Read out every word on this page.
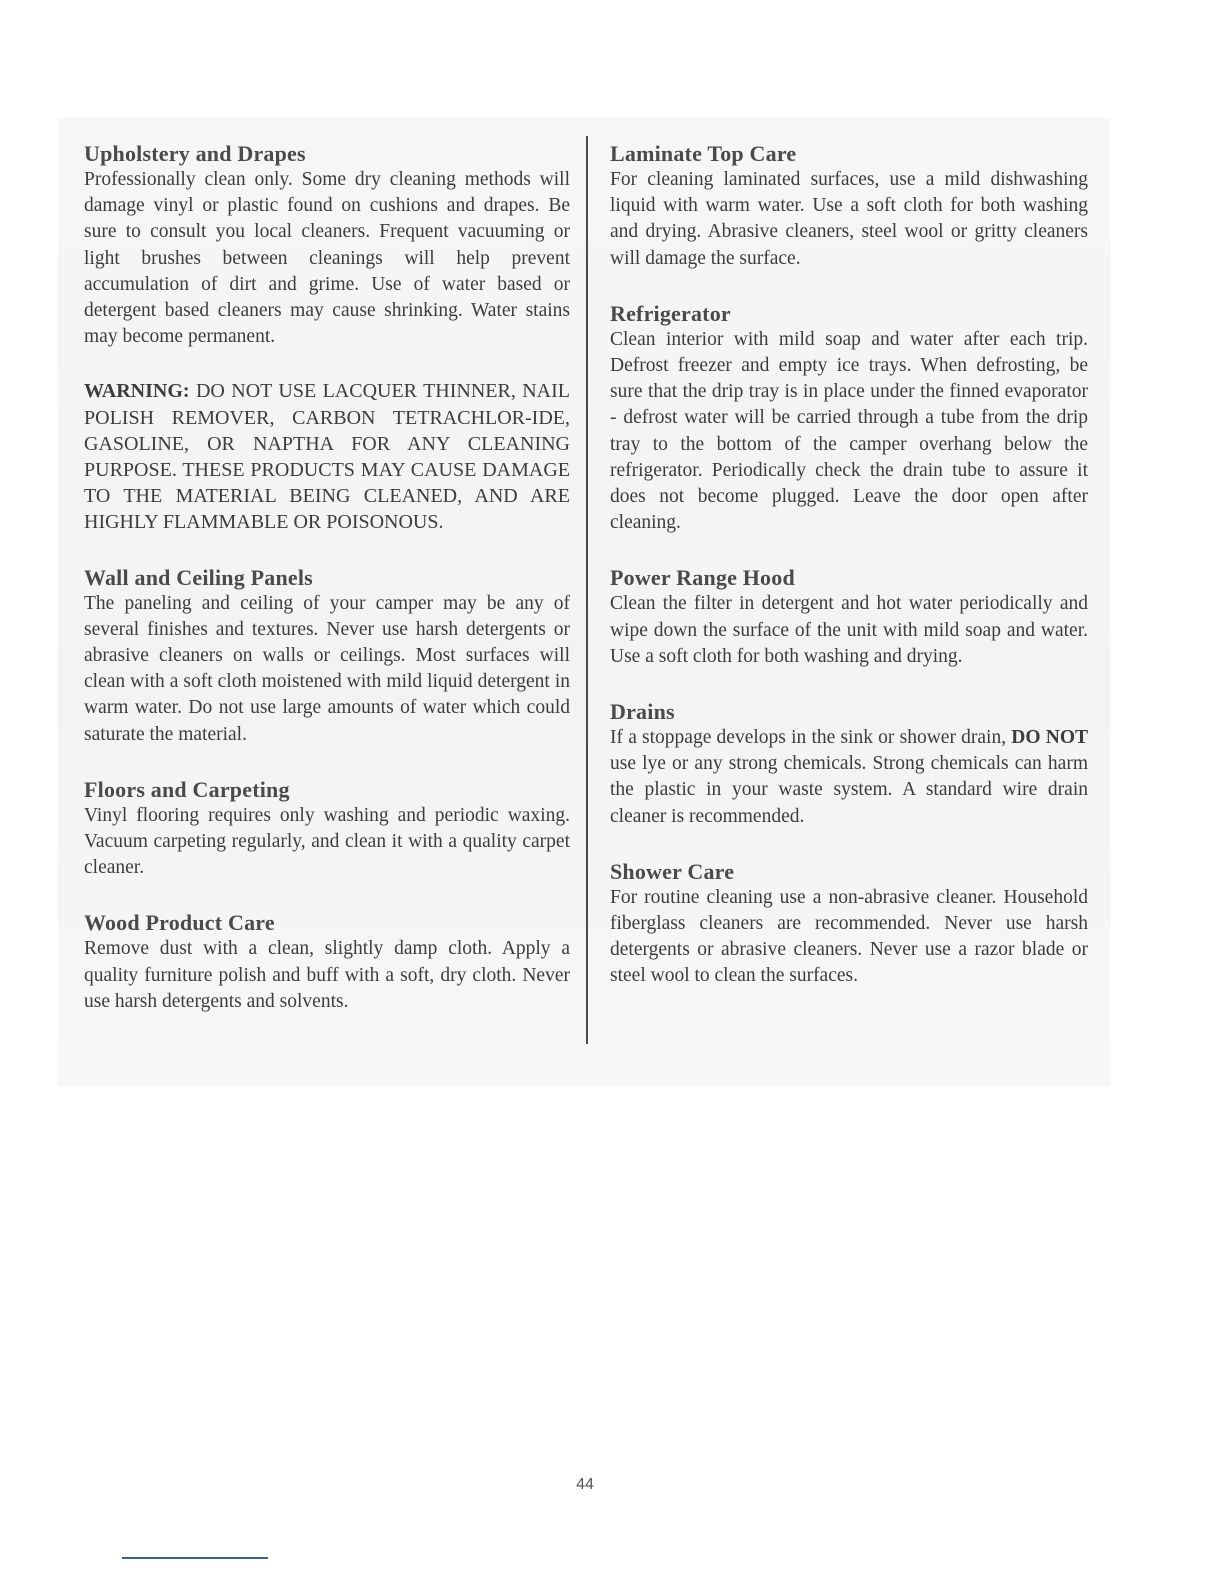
Upholstery and Drapes
Professionally clean only. Some dry cleaning methods will damage vinyl or plastic found on cushions and drapes. Be sure to consult you local cleaners. Frequent vacuuming or light brushes between cleanings will help prevent accumulation of dirt and grime. Use of water based or detergent based cleaners may cause shrinking. Water stains may become permanent.
WARNING: DO NOT USE LACQUER THINNER, NAIL POLISH REMOVER, CARBON TETRACHLOR-IDE, GASOLINE, OR NAPTHA FOR ANY CLEANING PURPOSE. THESE PRODUCTS MAY CAUSE DAMAGE TO THE MATERIAL BEING CLEANED, AND ARE HIGHLY FLAMMABLE OR POISONOUS.
Wall and Ceiling Panels
The paneling and ceiling of your camper may be any of several finishes and textures. Never use harsh detergents or abrasive cleaners on walls or ceilings. Most surfaces will clean with a soft cloth moistened with mild liquid detergent in warm water. Do not use large amounts of water which could saturate the material.
Floors and Carpeting
Vinyl flooring requires only washing and periodic waxing. Vacuum carpeting regularly, and clean it with a quality carpet cleaner.
Wood Product Care
Remove dust with a clean, slightly damp cloth. Apply a quality furniture polish and buff with a soft, dry cloth. Never use harsh detergents and solvents.
Laminate Top Care
For cleaning laminated surfaces, use a mild dishwashing liquid with warm water. Use a soft cloth for both washing and drying. Abrasive cleaners, steel wool or gritty cleaners will damage the surface.
Refrigerator
Clean interior with mild soap and water after each trip. Defrost freezer and empty ice trays. When defrosting, be sure that the drip tray is in place under the finned evaporator - defrost water will be carried through a tube from the drip tray to the bottom of the camper overhang below the refrigerator. Periodically check the drain tube to assure it does not become plugged. Leave the door open after cleaning.
Power Range Hood
Clean the filter in detergent and hot water periodically and wipe down the surface of the unit with mild soap and water. Use a soft cloth for both washing and drying.
Drains
If a stoppage develops in the sink or shower drain, DO NOT use lye or any strong chemicals. Strong chemicals can harm the plastic in your waste system. A standard wire drain cleaner is recommended.
Shower Care
For routine cleaning use a non-abrasive cleaner. Household fiberglass cleaners are recommended. Never use harsh detergents or abrasive cleaners. Never use a razor blade or steel wool to clean the surfaces.
44
